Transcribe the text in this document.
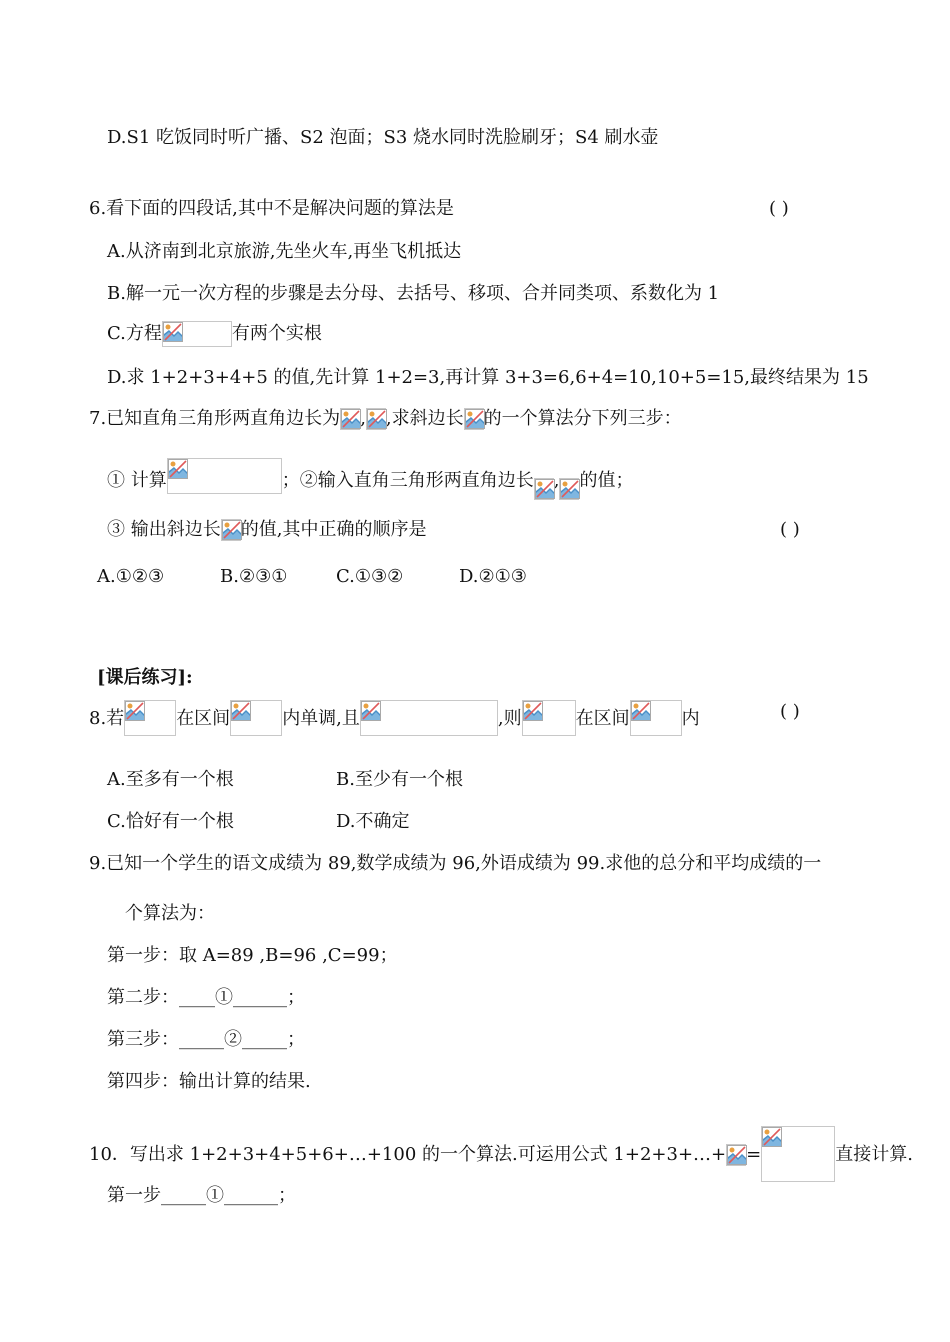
D.S1 吃饭同时听广播、S2 泡面；S3 烧水同时洗脸刷牙；S4 刷水壶
6.看下面的四段话,其中不是解决问题的算法是	( )
A.从济南到北京旅游,先坐火车,再坐飞机抵达
B.解一元一次方程的步骤是去分母、去括号、移项、合并同类项、系数化为 1
C.方程	有两个实根
D.求 1+2+3+4+5 的值,先计算 1+2=3,再计算 3+3=6,6+4=10,10+5=15,最终结果为 15
7.已知直角三角形两直角边长为 , ,求斜边长 的一个算法分下列三步：
① 计算	；②输入直角三角形两直角边长 , 的值；
③ 输出斜边长 的值,其中正确的顺序是	( )
A.①②③	B.②③①	C.①③②	D.②①③
[课后练习]:
8.若	在区间	内单调,且	,则	在区间	内	( )
A.至多有一个根	B.至少有一个根
C.恰好有一个根	D.不确定
9.已知一个学生的语文成绩为 89,数学成绩为 96,外语成绩为 99.求他的总分和平均成绩的一
个算法为：
第一步：取 A=89 ,B=96 ,C=99；
第二步：____①______；
第三步：_____②_____；
第四步：输出计算的结果.
10．写出求 1+2+3+4+5+6+…+100 的一个算法.可运用公式 1+2+3+…+ =	直接计算.
第一步_____①______；
